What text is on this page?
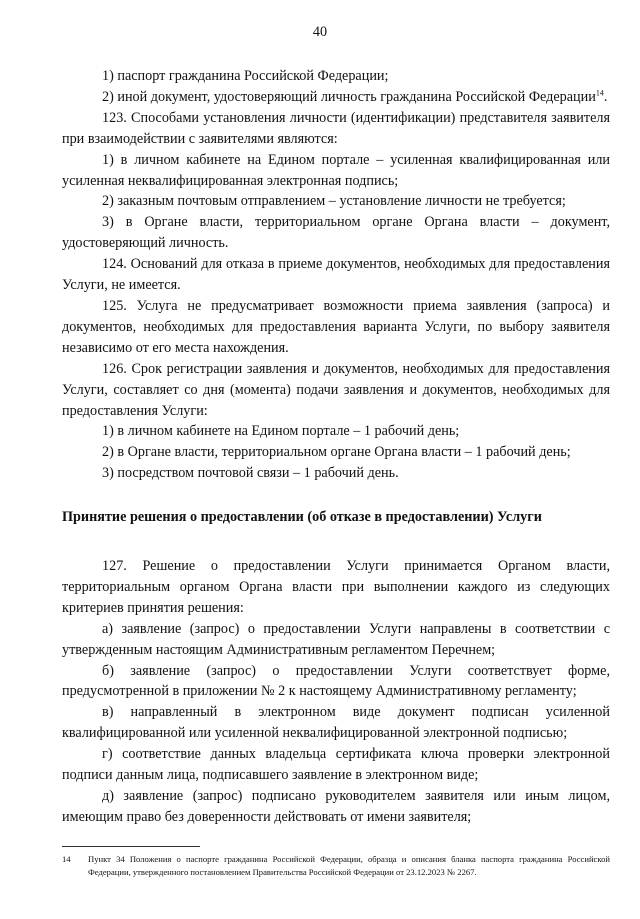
40

1) паспорт гражданина Российской Федерации;

2) иной документ, удостоверяющий личность гражданина Российской Федерации$^{14}$.

123. Способами установления личности (идентификации) представителя заявителя при взаимодействии с заявителями являются:

1) в личном кабинете на Едином портале – усиленная квалифицированная или усиленная неквалифицированная электронная подпись;

2) заказным почтовым отправлением – установление личности не требуется;

3) в Органе власти, территориальном органе Органа власти – документ, удостоверяющий личность.

124. Оснований для отказа в приеме документов, необходимых для предоставления Услуги, не имеется.

125. Услуга не предусматривает возможности приема заявления (запроса) и документов, необходимых для предоставления варианта Услуги, по выбору заявителя независимо от его места нахождения.

126. Срок регистрации заявления и документов, необходимых для предоставления Услуги, составляет со дня (момента) подачи заявления и документов, необходимых для предоставления Услуги:

1) в личном кабинете на Едином портале – 1 рабочий день;

2) в Органе власти, территориальном органе Органа власти – 1 рабочий день;

3) посредством почтовой связи – 1 рабочий день.

Принятие решения о предоставлении (об отказе в предоставлении) Услуги

127. Решение о предоставлении Услуги принимается Органом власти, территориальным органом Органа власти при выполнении каждого из следующих критериев принятия решения:

а) заявление (запрос) о предоставлении Услуги направлены в соответствии с утвержденным настоящим Административным регламентом Перечнем;

б) заявление (запрос) о предоставлении Услуги соответствует форме, предусмотренной в приложении № 2 к настоящему Административному регламенту;

в) направленный в электронном виде документ подписан усиленной квалифицированной или усиленной неквалифицированной электронной подписью;

г) соответствие данных владельца сертификата ключа проверки электронной подписи данным лица, подписавшего заявление в электронном виде;

д) заявление (запрос) подписано руководителем заявителя или иным лицом, имеющим право без доверенности действовать от имени заявителя;

14 Пункт 34 Положения о паспорте гражданина Российской Федерации, образца и описания бланка паспорта гражданина Российской Федерации, утвержденного постановлением Правительства Российской Федерации от 23.12.2023 № 2267.
